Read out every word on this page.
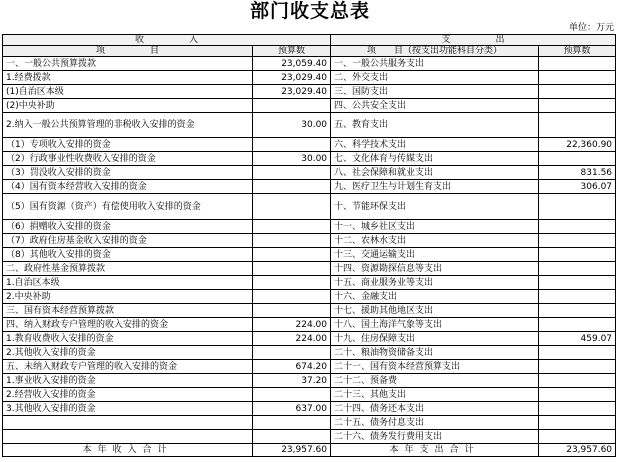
部门收支总表
单位：万元
收　　　　　入		支　　　　　出	
项　　　　　目	预算数	项　　目（按支出功能科目分类）	预算数
一、一般公共预算拨款	23,059.40	一、一般公共服务支出	
1.经费拨款	23,029.40	二、外交支出	
(1)自治区本级	23,029.40	三、国防支出	
(2)中央补助		四、公共安全支出	
2.纳入一般公共预算管理的非税收入安排的资金	30.00	五、教育支出	
（1）专项收入安排的资金		六、科学技术支出	22,360.90
（2）行政事业性收费收入安排的资金	30.00	七、文化体育与传媒支出	
（3）罚没收入安排的资金		八、社会保障和就业支出	831.56
（4）国有资本经营收入安排的资金		九、医疗卫生与计划生育支出	306.07
（5）国有资源（资产）有偿使用收入安排的资金		十、节能环保支出	
（6）捐赠收入安排的资金		十一、城乡社区支出	
（7）政府住房基金收入安排的资金		十二、农林水支出	
（8）其他收入安排的资金		十三、交通运输支出	
二、政府性基金预算拨款		十四、资源勘探信息等支出	
1.自治区本级		十五、商业服务业等支出	
2.中央补助		十六、金融支出	
三、国有资本经营预算拨款		十七、援助其他地区支出	
四、纳入财政专户管理的收入安排的资金	224.00	十八、国土海洋气象等支出	
1.教育收费收入安排的资金	224.00	十九、住房保障支出	459.07
2.其他收入安排的资金		二十、粮油物资储备支出	
五、未纳入财政专户管理的收入安排的资金	674.20	二十一、国有资本经营预算支出	
1.事业收入安排的资金	37.20	二十二、预备费	
2.经营收入安排的资金		二十三、其他支出	
3.其他收入安排的资金	637.00	二十四、债务还本支出	
		二十五、债务付息支出	
		二十六、债务发行费用支出	
本年收入合计	23,957.60	本年支出合计	23,957.60
